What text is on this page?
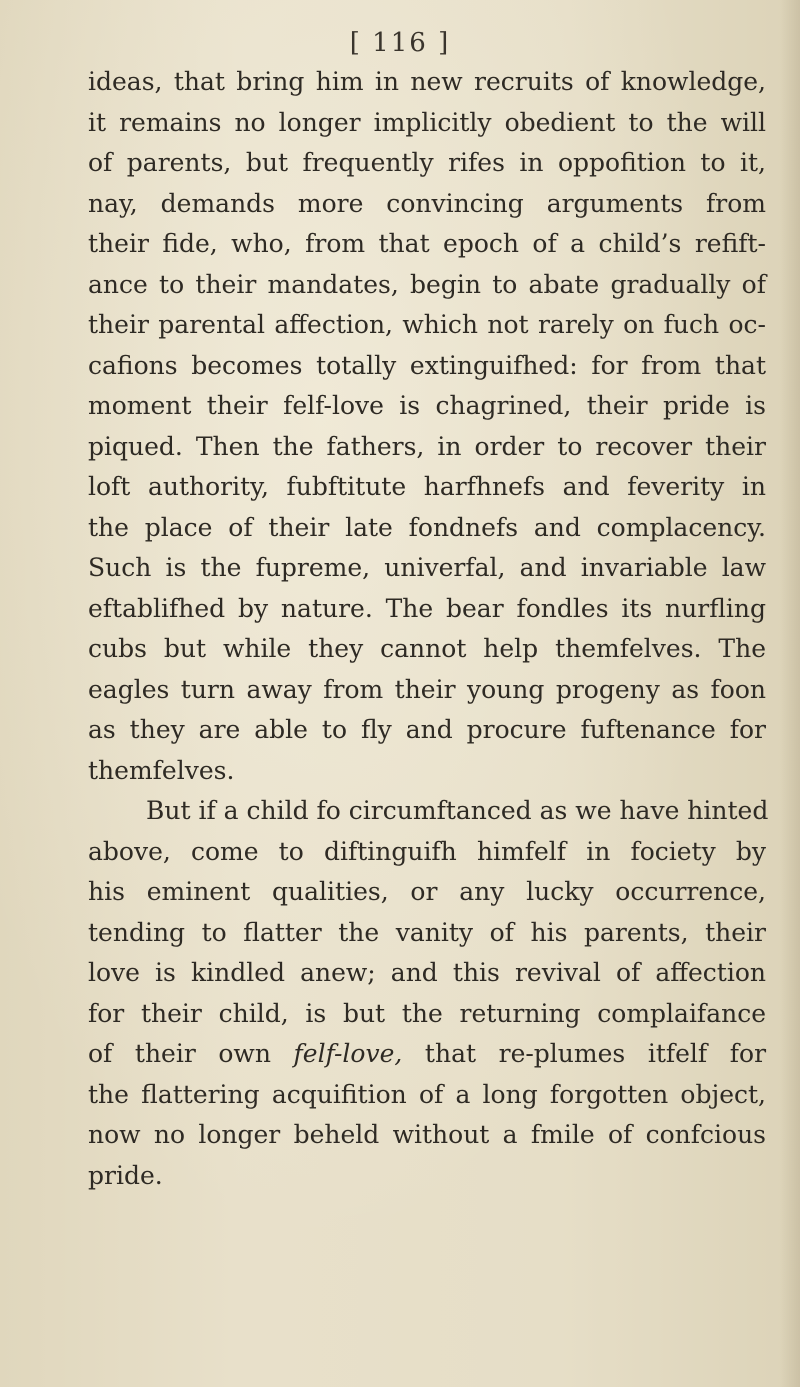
[ 116 ]
ideas, that bring him in new recruits of knowledge,
it remains no longer implicitly obedient to the will
of parents, but frequently rifes in oppofition to it,
nay, demands more convincing arguments from
their fide, who, from that epoch of a child’s refift-
ance to their mandates, begin to abate gradually of
their parental affection, which not rarely on fuch oc-
cafions becomes totally extinguifhed: for from that
moment their felf-love is chagrined, their pride is
piqued. Then the fathers, in order to recover their
loft authority, fubftitute harfhnefs and feverity in
the place of their late fondnefs and complacency.
Such is the fupreme, univerfal, and invariable law
eftablifhed by nature. The bear fondles its nurfling
cubs but while they cannot help themfelves. The
eagles turn away from their young progeny as foon
as they are able to fly and procure fuftenance for
themfelves.
But if a child fo circumftanced as we have hinted
above, come to diftinguifh himfelf in fociety by
his eminent qualities, or any lucky occurrence,
tending to flatter the vanity of his parents, their
love is kindled anew; and this revival of affection
for their child, is but the returning complaifance
of their own felf-love, that re-plumes itfelf for
the flattering acquifition of a long forgotten object,
now no longer beheld without a fmile of confcious
pride.
